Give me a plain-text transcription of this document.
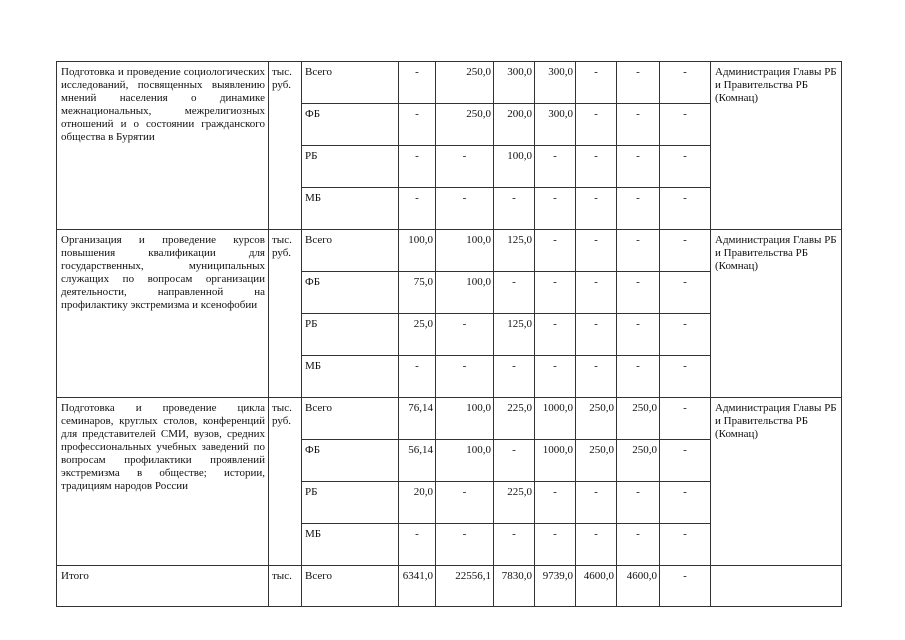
Подготовка и проведение социологических исследований, посвященных выявлению мнений населения о динамике межнациональных, межрелигиозных отношений и о состоянии гражданского общества в Бурятии	тыс. руб.	Всего	-	250,0	300,0	300,0	-	-	-	Администрация Главы РБ и Правительства РБ (Комнац)
		ФБ	-	250,0	200,0	300,0	-	-	-	
		РБ	-	-	100,0	-	-	-	-	
		МБ	-	-	-	-	-	-	-	
Организация и проведение курсов повышения квалификации для государственных, муниципальных служащих по вопросам организации деятельности, направленной на профилактику экстремизма и ксенофобии	тыс. руб.	Всего	100,0	100,0	125,0	-	-	-	-	Администрация Главы РБ и Правительства РБ (Комнац)
		ФБ	75,0	100,0	-	-	-	-	-	
		РБ	25,0	-	125,0	-	-	-	-	
		МБ	-	-	-	-	-	-	-	
Подготовка и проведение цикла семинаров, круглых столов, конференций для представителей СМИ, вузов, средних профессиональных учебных заведений по вопросам профилактики проявлений экстремизма в обществе; истории, традициям народов России	тыс. руб.	Всего	76,14	100,0	225,0	1000,0	250,0	250,0	-	Администрация Главы РБ и Правительства РБ (Комнац)
		ФБ	56,14	100,0	-	1000,0	250,0	250,0	-	
		РБ	20,0	-	225,0	-	-	-	-	
		МБ	-	-	-	-	-	-	-	
Итого	тыс.	Всего	6341,0	22556,1	7830,0	9739,0	4600,0	4600,0	-	
